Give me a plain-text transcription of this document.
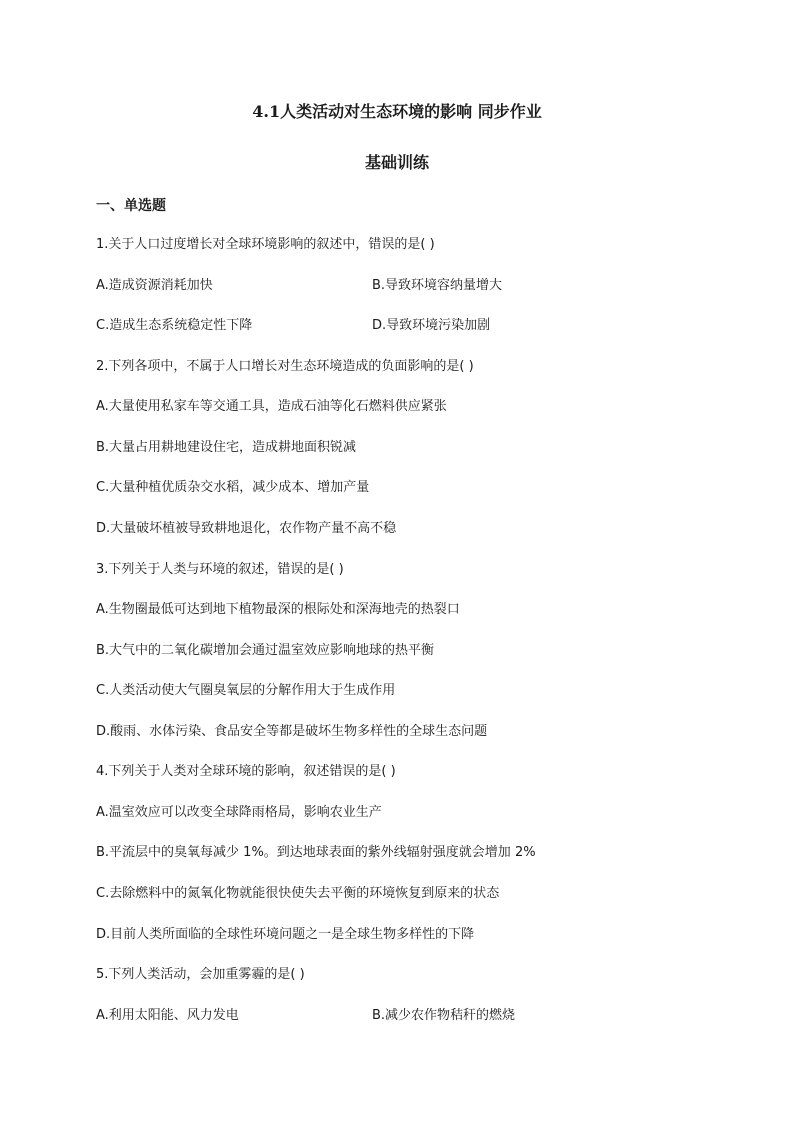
4.1人类活动对生态环境的影响 同步作业
基础训练
一、单选题
1.关于人口过度增长对全球环境影响的叙述中，错误的是( )
A.造成资源消耗加快	B.导致环境容纳量增大
C.造成生态系统稳定性下降	D.导致环境污染加剧
2.下列各项中，不属于人口增长对生态环境造成的负面影响的是( )
A.大量使用私家车等交通工具，造成石油等化石燃料供应紧张
B.大量占用耕地建设住宅，造成耕地面积锐减
C.大量种植优质杂交水稻，减少成本、增加产量
D.大量破坏植被导致耕地退化，农作物产量不高不稳
3.下列关于人类与环境的叙述，错误的是( )
A.生物圈最低可达到地下植物最深的根际处和深海地壳的热裂口
B.大气中的二氧化碳增加会通过温室效应影响地球的热平衡
C.人类活动使大气圈臭氧层的分解作用大于生成作用
D.酸雨、水体污染、食品安全等都是破坏生物多样性的全球生态问题
4.下列关于人类对全球环境的影响，叙述错误的是( )
A.温室效应可以改变全球降雨格局，影响农业生产
B.平流层中的臭氧每减少 1%。到达地球表面的紫外线辐射强度就会增加 2%
C.去除燃料中的氮氧化物就能很快使失去平衡的环境恢复到原来的状态
D.目前人类所面临的全球性环境问题之一是全球生物多样性的下降
5.下列人类活动，会加重雾霾的是( )
A.利用太阳能、风力发电	B.减少农作物秸秆的燃烧
